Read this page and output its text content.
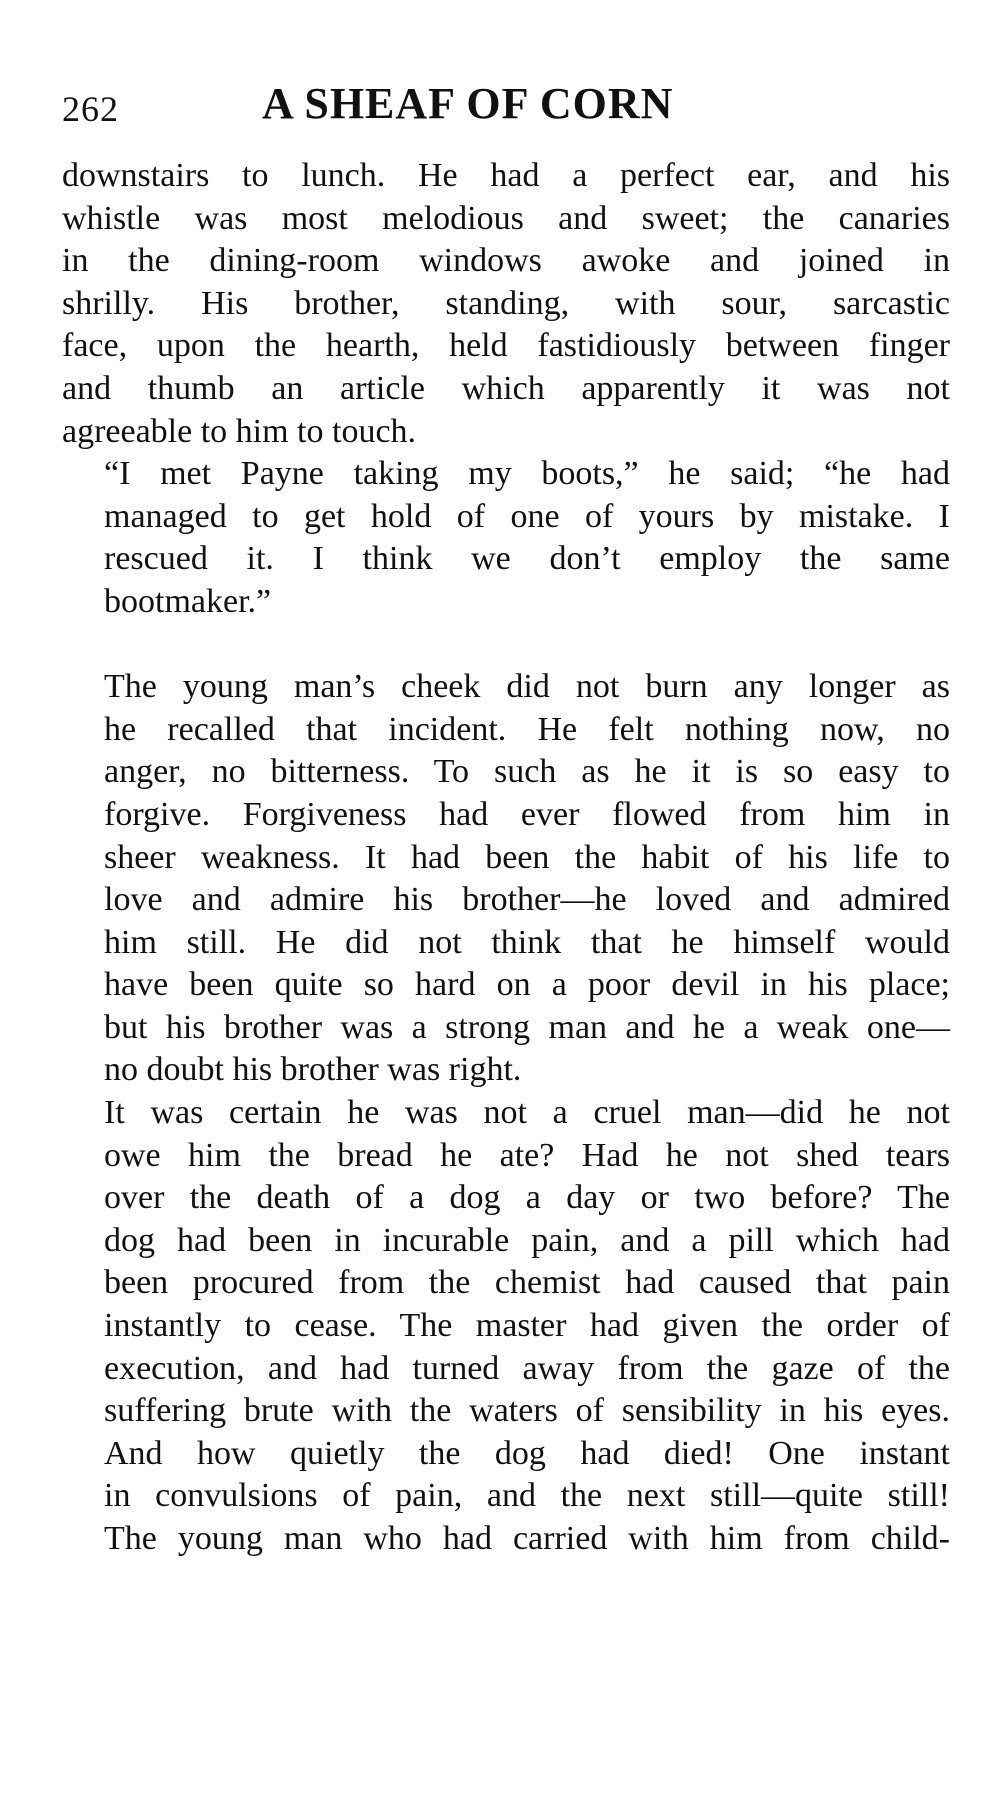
262	A SHEAF OF CORN

downstairs to lunch. He had a perfect ear, and his
whistle was most melodious and sweet; the canaries
in the dining-room windows awoke and joined in
shrilly. His brother, standing, with sour, sarcastic
face, upon the hearth, held fastidiously between finger
and thumb an article which apparently it was not
agreeable to him to touch.

“I met Payne taking my boots,” he said; “he had
managed to get hold of one of yours by mistake. I
rescued it. I think we don’t employ the same
bootmaker.”

The young man’s cheek did not burn any longer as
he recalled that incident. He felt nothing now, no
anger, no bitterness. To such as he it is so easy to
forgive. Forgiveness had ever flowed from him in
sheer weakness. It had been the habit of his life to
love and admire his brother—he loved and admired
him still. He did not think that he himself would
have been quite so hard on a poor devil in his place;
but his brother was a strong man and he a weak one—
no doubt his brother was right.

It was certain he was not a cruel man—did he not
owe him the bread he ate? Had he not shed tears
over the death of a dog a day or two before? The
dog had been in incurable pain, and a pill which had
been procured from the chemist had caused that pain
instantly to cease. The master had given the order of
execution, and had turned away from the gaze of the
suffering brute with the waters of sensibility in his eyes.

And how quietly the dog had died! One instant
in convulsions of pain, and the next still—quite still!
The young man who had carried with him from child-
